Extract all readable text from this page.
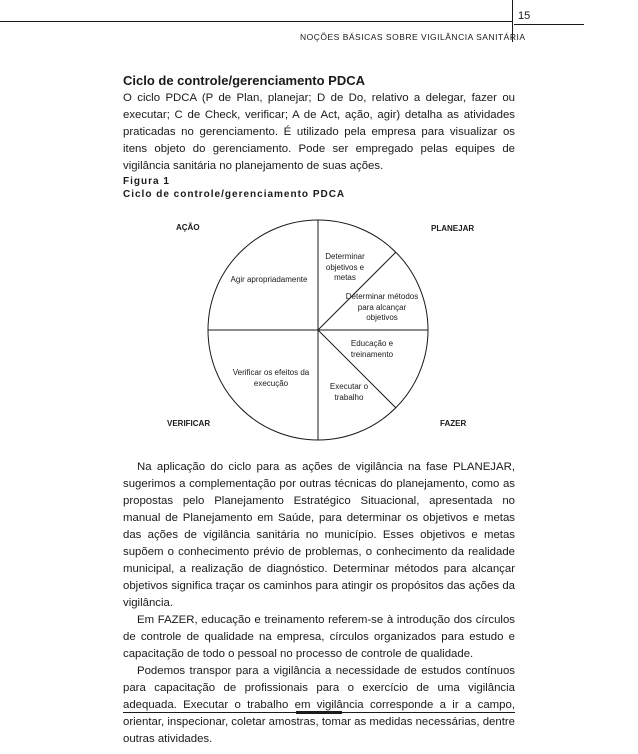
15
NOÇÕES BÁSICAS SOBRE VIGILÂNCIA SANITÁRIA
Ciclo de controle/gerenciamento PDCA
O ciclo PDCA (P de Plan, planejar; D de Do, relativo a delegar, fazer ou executar; C de Check, verificar; A de Act, ação, agir) detalha as atividades praticadas no gerenciamento. É utilizado pela empresa para visualizar os itens objeto do gerenciamento. Pode ser empregado pelas equipes de vigilância sanitária no planejamento de suas ações.
Figura 1
Ciclo de controle/gerenciamento PDCA
AÇÃO	PLANEJAR
VERIFICAR	FAZER
Determinar objetivos e metas
Agir apropriadamente
Determinar métodos para alcançar objetivos
Educação e treinamento
Verificar os efeitos da execução	Executar o trabalho

Na aplicação do ciclo para as ações de vigilância na fase PLANEJAR, sugerimos a complementação por outras técnicas do planejamento, como as propostas pelo Planejamento Estratégico Situacional, apresentada no manual de Planejamento em Saúde, para determinar os objetivos e metas das ações de vigilância sanitária no município. Esses objetivos e metas supõem o conhecimento prévio de problemas, o conhecimento da realidade municipal, a realização de diagnóstico. Determinar métodos para alcançar objetivos significa traçar os caminhos para atingir os propósitos das ações da vigilância.

Em FAZER, educação e treinamento referem-se à introdução dos círculos de controle de qualidade na empresa, círculos organizados para estudo e capacitação de todo o pessoal no processo de controle de qualidade.

Podemos transpor para a vigilância a necessidade de estudos contínuos para capacitação de profissionais para o exercício de uma vigilância adequada. Executar o trabalho em vigilância corresponde a ir a campo, orientar, inspecionar, coletar amostras, tomar as medidas necessárias, dentre outras atividades.
